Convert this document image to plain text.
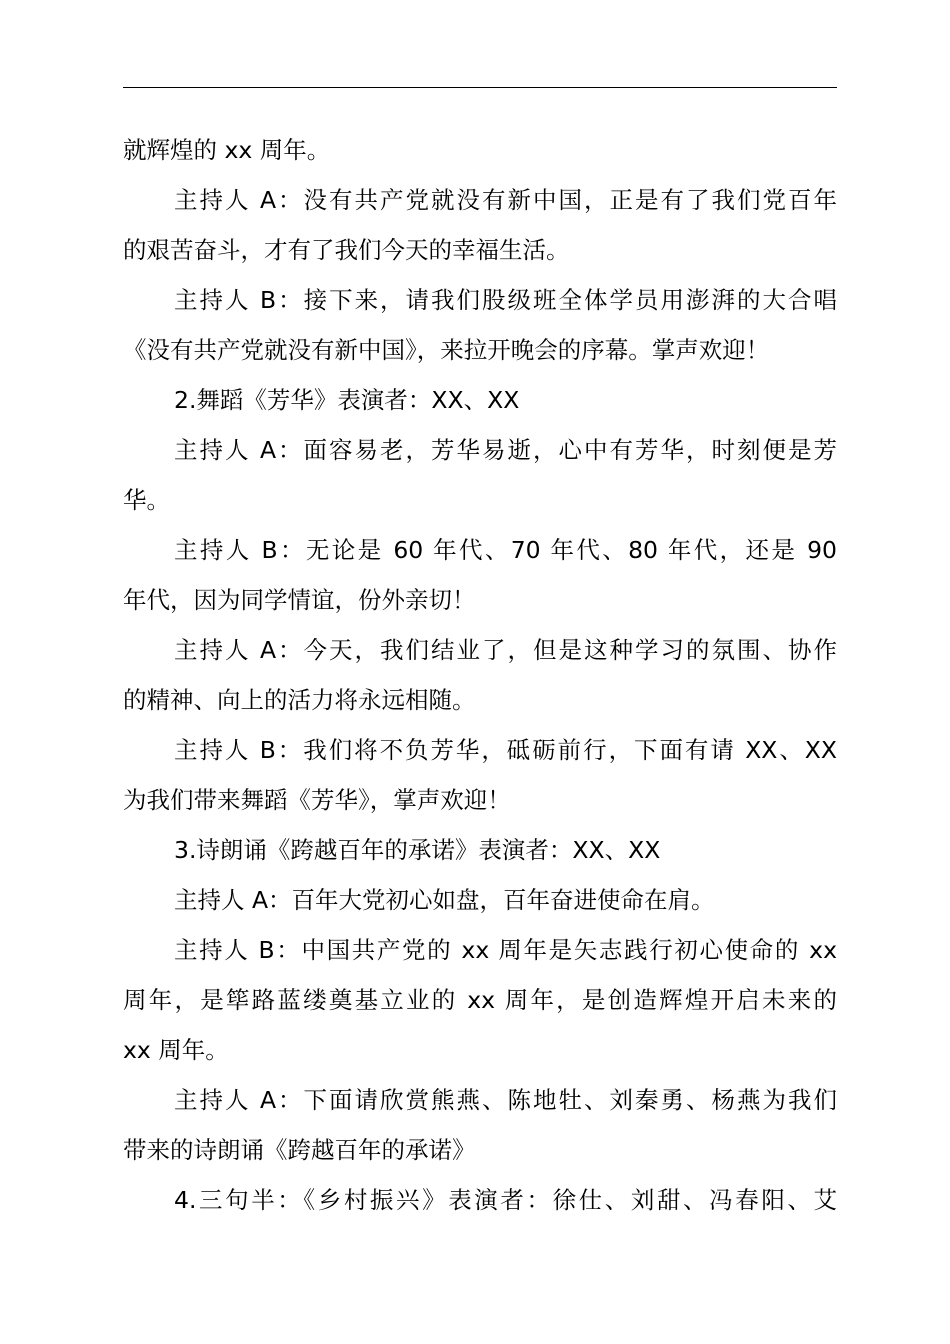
就辉煌的 xx 周年。
主持人 A：没有共产党就没有新中国，正是有了我们党百年
的艰苦奋斗，才有了我们今天的幸福生活。
主持人 B：接下来，请我们股级班全体学员用澎湃的大合唱
《没有共产党就没有新中国》，来拉开晚会的序幕。掌声欢迎！
2.舞蹈《芳华》表演者：XX、XX
主持人 A：面容易老，芳华易逝，心中有芳华，时刻便是芳
华。
主持人 B：无论是 60 年代、70 年代、80 年代，还是 90
年代，因为同学情谊，份外亲切！
主持人 A：今天，我们结业了，但是这种学习的氛围、协作
的精神、向上的活力将永远相随。
主持人 B：我们将不负芳华，砥砺前行，下面有请 XX、XX
为我们带来舞蹈《芳华》，掌声欢迎！
3.诗朗诵《跨越百年的承诺》表演者：XX、XX
主持人 A：百年大党初心如盘，百年奋进使命在肩。
主持人 B：中国共产党的 xx 周年是矢志践行初心使命的 xx
周年，是筚路蓝缕奠基立业的 xx 周年，是创造辉煌开启未来的
xx 周年。
主持人 A：下面请欣赏熊燕、陈地牡、刘秦勇、杨燕为我们
带来的诗朗诵《跨越百年的承诺》
4.三句半：《乡村振兴》表演者：徐仕、刘甜、冯春阳、艾
